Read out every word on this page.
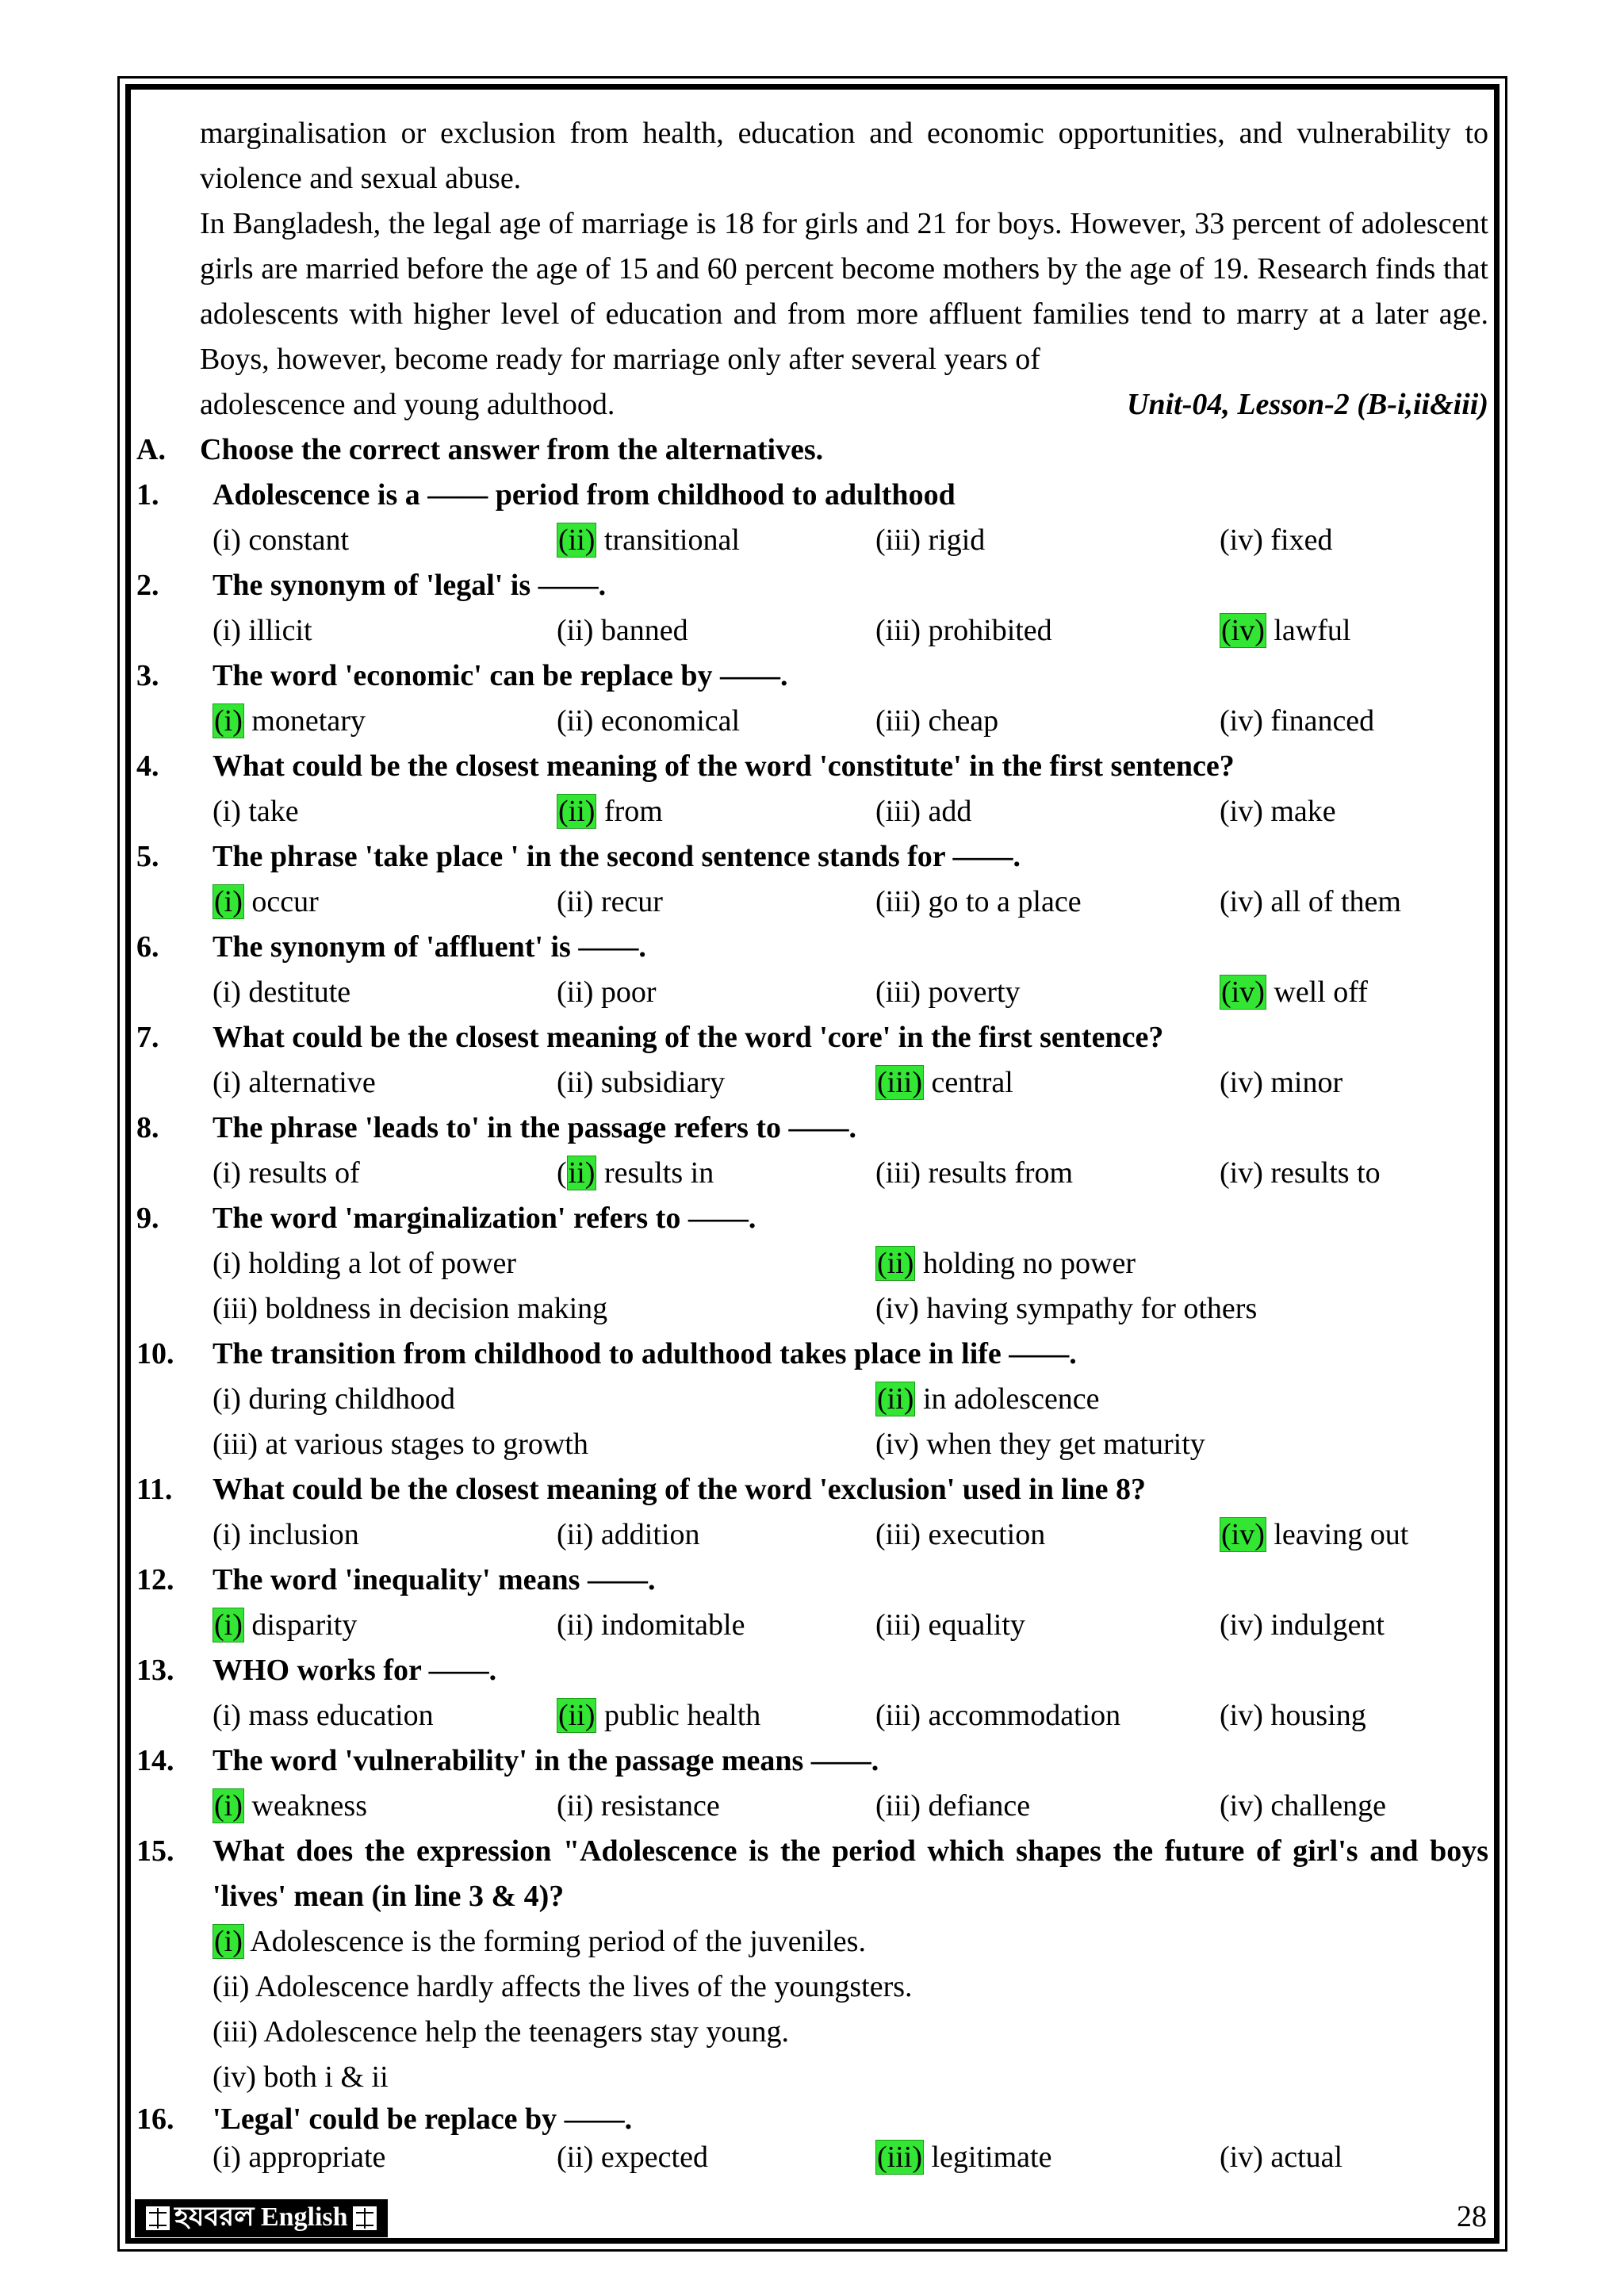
marginalisation or exclusion from health, education and economic opportunities, and vulnerability to violence and sexual abuse.
In Bangladesh, the legal age of marriage is 18 for girls and 21 for boys. However, 33 percent of adolescent girls are married before the age of 15 and 60 percent become mothers by the age of 19. Research finds that adolescents with higher level of education and from more affluent families tend to marry at a later age. Boys, however, become ready for marriage only after several years of
adolescence and young adulthood.	Unit-04, Lesson-2 (B-i,ii&iii)
A.	Choose the correct answer from the alternatives.
1.	Adolescence is a —— period from childhood to adulthood
(i) constant	(ii) transitional	(iii) rigid	(iv) fixed
2.	The synonym of 'legal' is ——.
(i) illicit	(ii) banned	(iii) prohibited	(iv) lawful
3.	The word 'economic' can be replace by ——.
(i) monetary	(ii) economical	(iii) cheap	(iv) financed
4.	What could be the closest meaning of the word 'constitute' in the first sentence?
(i) take	(ii) from	(iii) add	(iv) make
5.	The phrase 'take place ' in the second sentence stands for ——.
(i) occur	(ii) recur	(iii) go to a place	(iv) all of them
6.	The synonym of 'affluent' is ——.
(i) destitute	(ii) poor	(iii) poverty	(iv) well off
7.	What could be the closest meaning of the word 'core' in the first sentence?
(i) alternative	(ii) subsidiary	(iii) central	(iv) minor
8.	The phrase 'leads to' in the passage refers to ——.
(i) results of	(ii) results in	(iii) results from	(iv) results to
9.	The word 'marginalization' refers to ——.
(i) holding a lot of power	(ii) holding no power
(iii) boldness in decision making	(iv) having sympathy for others
10.	The transition from childhood to adulthood takes place in life ——.
(i) during childhood	(ii) in adolescence
(iii) at various stages to growth	(iv) when they get maturity
11.	What could be the closest meaning of the word 'exclusion' used in line 8?
(i) inclusion	(ii) addition	(iii) execution	(iv) leaving out
12.	The word 'inequality' means ——.
(i) disparity	(ii) indomitable	(iii) equality	(iv) indulgent
13.	WHO works for ——.
(i) mass education	(ii) public health	(iii) accommodation	(iv) housing
14.	The word 'vulnerability' in the passage means ——.
(i) weakness	(ii) resistance	(iii) defiance	(iv) challenge
15.	What does the expression "Adolescence is the period which shapes the future of girl's and boys 'lives' mean (in line 3 & 4)?
(i) Adolescence is the forming period of the juveniles.
(ii) Adolescence hardly affects the lives of the youngsters.
(iii) Adolescence help the teenagers stay young.
(iv) both i & ii
16.	'Legal' could be replace by ——.
(i) appropriate	(ii) expected	(iii) legitimate	(iv) actual
হযবরল English	28
